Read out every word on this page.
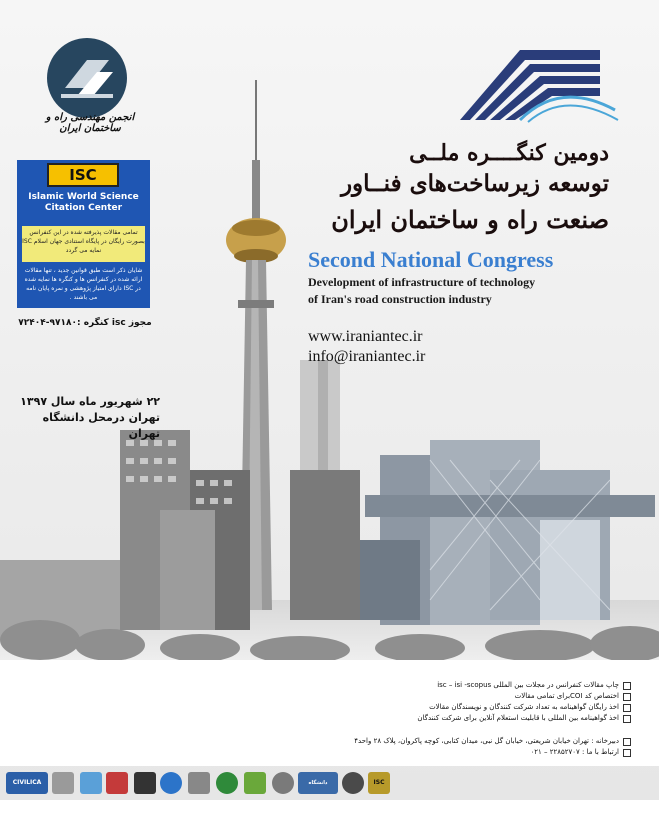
انجمن مهندسی راه و ساختمان ایران
ISC
Islamic World Science
Citation Center
تمامی مقالات پذیرفته شده در این کنفرانس بصورت رایگان در پایگاه استنادی جهان اسلام ISC نمایه می گردد
شایان ذکر است طبق قوانین جدید ، تنها مقالات ارائه شده در کنفرانس ها و کنگره ها نمایه شده در ISC دارای امتیاز پژوهشی و نمره پایان نامه می باشند .
مجوز isc کنگره :۹۷۱۸۰-۷۲۴۰۴
۲۲ شهریور ماه سال ۱۳۹۷
تهران درمحل دانشگاه تهران
دومین کنگــــره ملــی
توسعه زیرساخت‌های فنــاور
صنعت راه و ساختمان ایران
Second National Congress
Development of infrastructure of technology
of Iran's road construction industry
www.iraniantec.ir
info@iraniantec.ir
چاپ مقالات کنفرانس در مجلات بین المللی isc – isi -scopus
اختصاص کد COIبرای تمامی مقالات
اخذ رایگان گواهینامه به تعداد شرکت کنندگان و نویسندگان مقالات
اخذ گواهینامه بین المللی با قابلیت استعلام آنلاین برای شرکت کنندگان
دبیرخانه : تهران خیابان شریعتی، خیابان گل نبی، میدان کتابی، کوچه پاکروان، پلاک ۲۸ واحد۴
ارتباط با ما : ۲۲۸۵۲۷۰۷ – ۰۲۱
CIVILICA	دانشگاه کردستان
ISC
